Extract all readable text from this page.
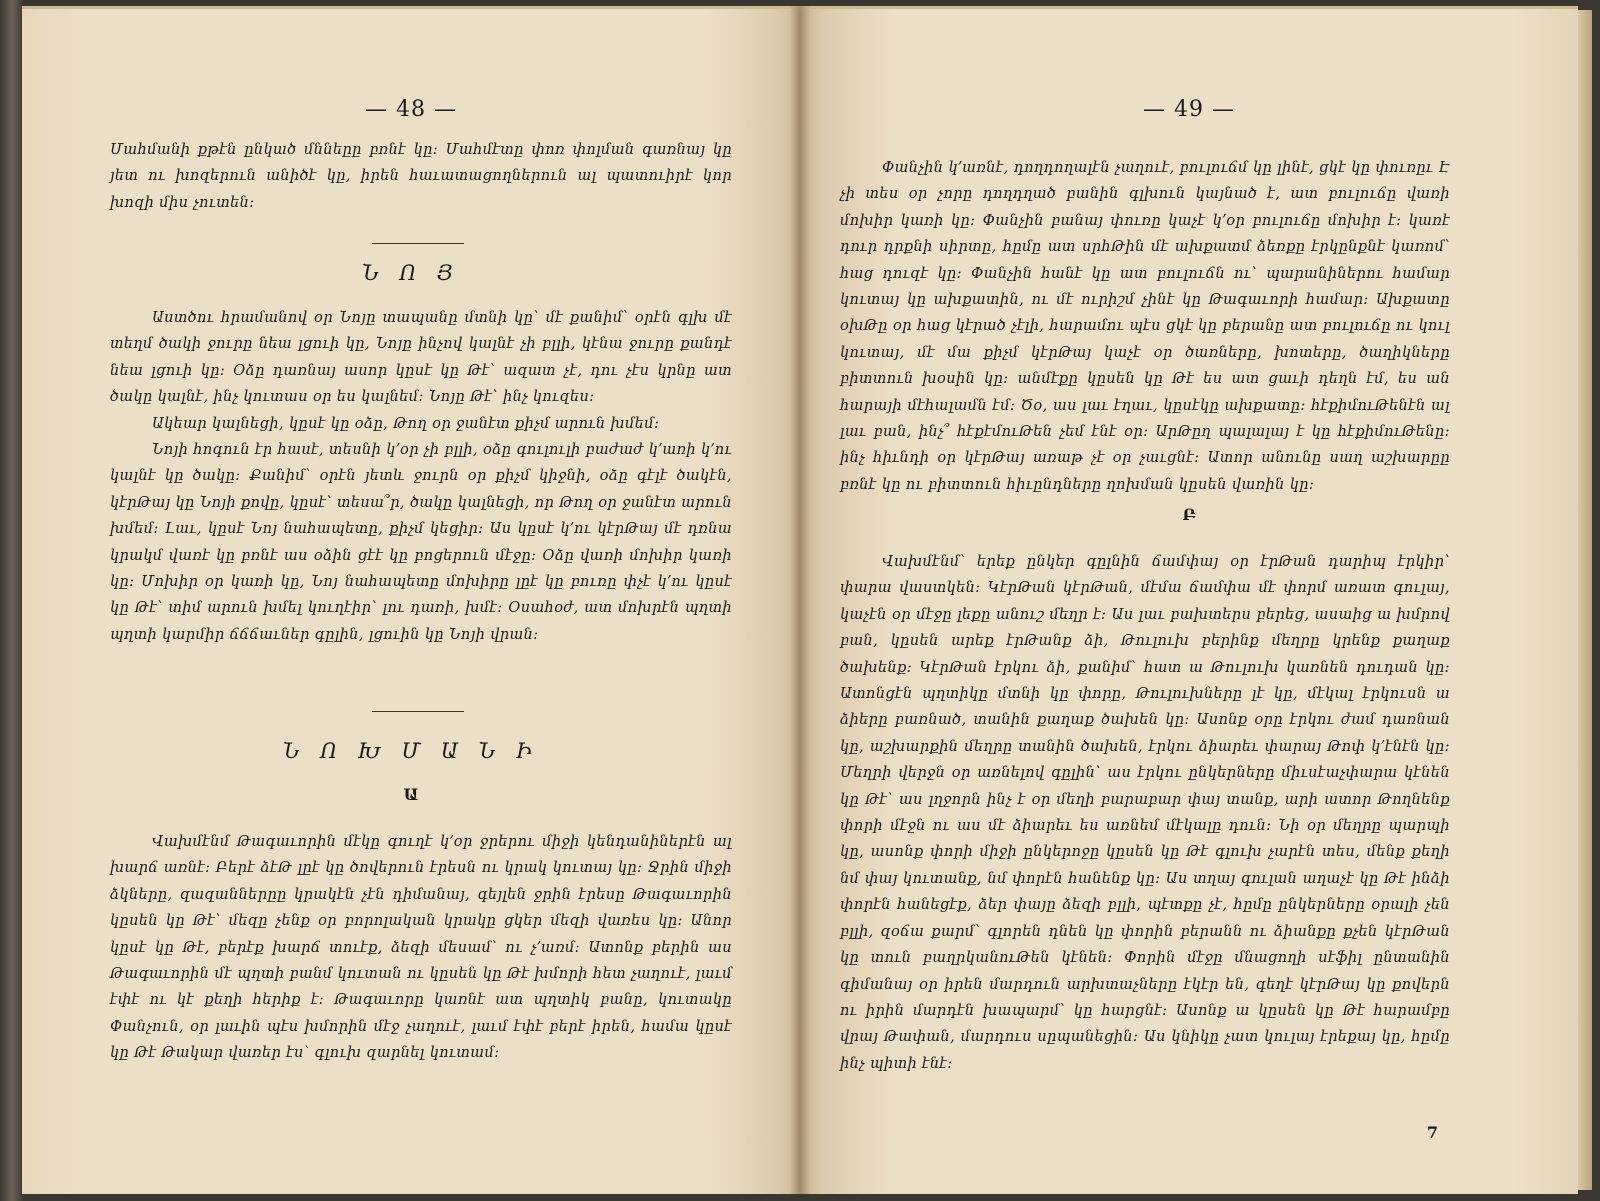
— 48 —

Մահմանի քթէն ընկած մննեըը բռնէ կը։ Մահմէտը փոռ փոլման գառնայ կը յետ ու խոզերուն անիծէ կը, իրեն հաւատացողներուն ալ պատուիրէ կոր խոզի միս չուտեն։

Ն Ո Յ

Աստծու հրամանով օր Նոյը տապանը մտնի կը՝ մէ քանիմ՝ օրէն գլխ մէ տեղմ ծակի ջուրը նեա լցուի կը, Նոյը ինչով կալնէ չի բլլի, կէնա ջուրը քանդէ նեա լցուի կը։ Օձը դառնայ ասոր կըսէ կը Թէ՝ ազատ չէ, դու չէս կրնը ատ ծակը կալնէ, ինչ կուտաս օր ես կալնեմ։ Նոյը Թէ՝ ինչ կուզես։

Ակեար կալնեցի, կըսէ կը օձը, Թող օր ջանէտ քիչմ արուն խմեմ։

Նոյի հոգուն էր հասէ, տեսնի կ՚օր չի բլլի, օձը գուլուլի բաժաժ կ՚առի կ՚ու կալնէ կը ծակը։ Քանիմ՝ օրէն յետև ջուրն օր քիչմ կիջնի, օձը գէլէ ծակէն, կէրԹայ կը Նոյի քովը, կըսէ՝ տեսա՞ր, ծակը կալնեցի, որ Թող օր ջանէտ արուն խմեմ։ Լաւ, կըսէ Նոյ նահապետը, քիչմ կեցիր։ Աս կըսէ կ՚ու կէրԹայ մէ դռնա կրակմ վառէ կը բռնէ աս օձին ցէէ կը բոցերուն մէջը։ Օձը վառի մոխիր կառի կը։ Մոխիր օր կառի կը, Նոյ նահապետը մոխիրը լըէ կը բուռը փչէ կ՚ու կըսէ կը Թէ՝ տիմ արուն խմել կուղէիր՝ լու դառի, խմէ։ Օսահօժ, ատ մոխրէն պղտի պղտի կարմիր ճճճաւներ գըլին, լցուին կը Նոյի վրան։

Ն Ո Խ Մ Ա Ն Ի
Ա

Վախմէնմ Թագաւորին մէկը գուղէ կ՚օր ջրերու միջի կենդանիներէն ալ խարճ առնէ։ Բերէ ձէԹ լըէ կը ծովերուն էրեսն ու կրակ կուտայ կը։ Ջրին միջի ձկները, զազաններըը կրակէն չէն դիմանայ, գեյլեն ջրին էրեսը Թագաւորին կըսեն կը Թէ՝ մեզը չենք օր բորոլական կրակը ցկեր մեզի վառես կը։ Անոր կըսէ կը Թէ, բերէք խարճ տուէք, ձեզի մեսամ՝ ու չ՚առմ։ Ատոնք բերին աս Թագաւորին մէ պղտի բանմ կուտան ու կըսեն կը Թէ խմորի հետ չաղուէ, լաւմ էփէ ու կէ քեղի հերիք է։ Թագաւորը կառնէ ատ պղտիկ բանը, կուտակը Փանչուն, օր լաւին պէս խմորին մէջ չաղուէ, լաւմ էփէ բերէ իրեն, համա կըսէ կը Թէ Թակար վառեր էս՝ գլուխ զարնել կուտամ։

— 49 —

Փանչին կ՚առնէ, դողդողալէն չաղուէ, բուլուճմ կը լինէ, ցկէ կը փուռըւ Է չի տես օր չորը դողդղած բանին գլխուն կայնած է, ատ բուլուճը վառի մոխիր կառի կը։ Փանչին բանայ փուռը կաչէ կ՚օր բուլուճը մոխիր է։ կառէ դուր դրքնի սիրտը, հըմը ատ սրհԹին մէ ախքատմ ձեռքը էրկընքնէ կառոմ՝ հաց դուզէ կը։ Փանչին հանէ կը ատ բուլուճն ու՝ պարանիներու համար կուտայ կը ախքատին, ու մէ ուրիշմ չինէ կը Թագաւորի համար։ Ախքատը օխԹը օր հաց կէրած չէլի, հարամու պէս ցկէ կը բերանը ատ բուլուճը ու կուլ կուտայ, մէ մա քիչմ կէրԹայ կաչէ օր ծառները, խոտերը, ծաղիկները բիտտուն խօսին կը։ անմէքը կըսեն կը Թէ ես ատ ցաւի դեղն էմ, ես ան հարայի մէհալամն էմ։ Ծօ, աս լաւ էղաւ, կըսէկը ախքատը։ հէքիմուԹենէն ալ լաւ բան, ինչ՞ հէքէմուԹեն չեմ էնէ օր։ ԱրԹըղ պալալայ է կը հէքիմուԹենը։ ինչ հիւնդի օր կէրԹայ առաթ չէ օր չաւցնէ։ Ատոր անունը սաղ աշխարըը բռնէ կը ու բիտտուն հիւընդները ղոխման կըսեն վառին կը։

Բ

Վախմէնմ՝ երեք ընկեր գըլնին ճամփայ օր էրԹան դարիպ էրկիր՝ փարա վաստկեն։ ԿէրԹան կէրԹան, մէմա ճամփա մէ փորմ առատ գուլայ, կաչէն օր մէջը լեքը անուշ մեղր է։ Աս լաւ բախտերս բերեց, ասաից ա խմրով բան, կըսեն արեք էրԹանք ձի, Թուլուխ բերինք մեղրը կրենք քաղաք ծախենք։ ԿէրԹան էրկու ձի, քանիմ՝ հատ ա Թուլուխ կառնեն դուդան կը։ Ատոնցէն պղտիկը մտնի կը փորը, Թուլուխները լէ կը, մէկալ էրկուսն ա ձիերը բառնած, տանին քաղաք ծախեն կը։ Ասոնք օրը էրկու ժամ դառնան կը, աշխարքին մեղրը տանին ծախեն, էրկու ձիարեւ փարայ Թոփ կ՚էնէն կը։ Մեղրի վերջն օր առնելով գըլին՝ աս էրկու ընկերները միւսէաչփարա կէնեն կը Թէ՝ աս լղջորն ինչ է օր մեղի բարաբար փայ տանք, արի ատոր Թողնենք փորի մէջն ու աս մէ ձիարեւ ես առնեմ մէկալը դուն։ Նի օր մեղրը պարպի կը, ասոնք փորի միջի ընկերոջը կըսեն կը Թէ գլուխ չարէն տես, մենք քեղի նմ փայ կուտանք, նմ փորէն հանենք կը։ Աս տղայ գուլան աղաչէ կը Թէ ինձի փորէն հանեցէք, ձեր փայը ձեզի բլլի, պէտքը չէ, հըմը ընկերները օրալի չեն բլլի, զօճա քարմ՝ գլորեն դնեն կը փորին բերանն ու ձիանքը քչեն կէրԹան կը տուն բաղրկանուԹեն կէնեն։ Փորին մէջը մնացողի սէֆիլ ընտանին գիմանայ օր իրեն մարդուն արխտաչները էկէր են, գեղէ կէրԹայ կը քովերն ու իրին մարդէն խապարմ՝ կը հարցնէ։ Ասոնք ա կըսեն կը Թէ հարամբը վրայ Թափան, մարդուս սըպանեցին։ Աս կնիկը չատ կուլայ էրեքայ կը, հըմը ինչ պիտի էնէ։

7
